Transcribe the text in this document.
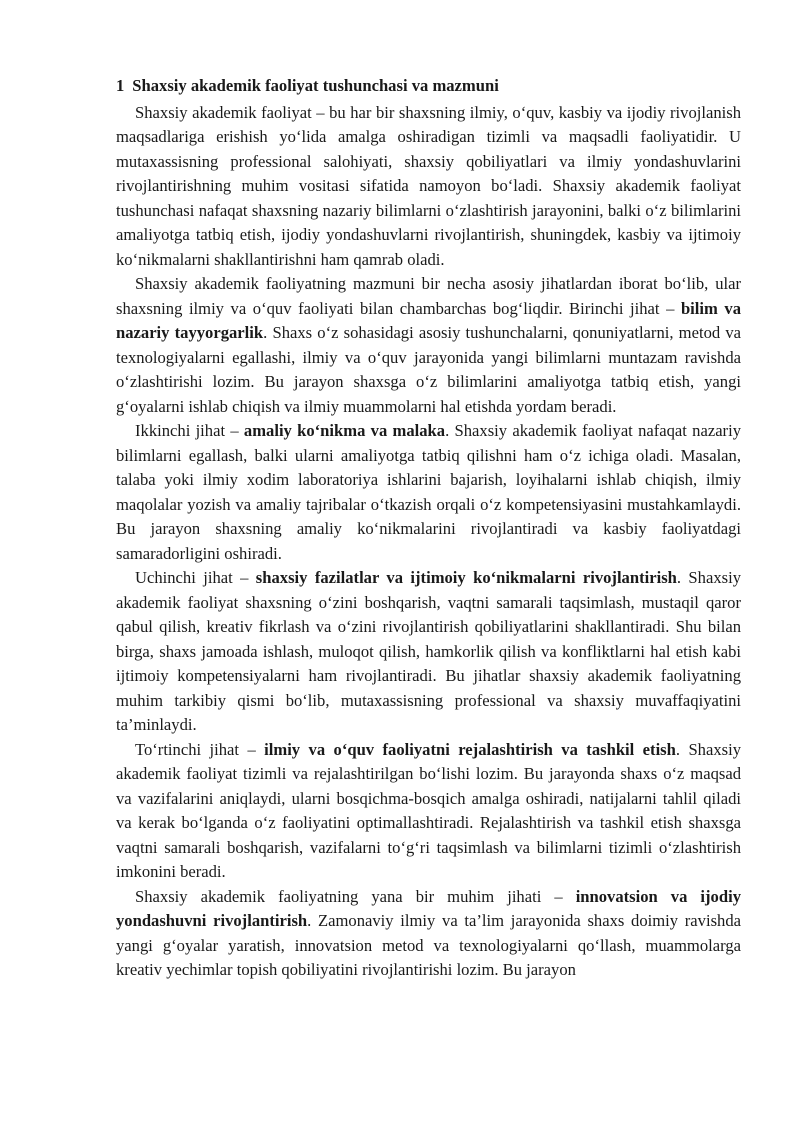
1 Shaxsiy akademik faoliyat tushunchasi va mazmuni

Shaxsiy akademik faoliyat – bu har bir shaxsning ilmiy, o‘quv, kasbiy va ijodiy rivojlanish maqsadlariga erishish yo‘lida amalga oshiradigan tizimli va maqsadli faoliyatidir. U mutaxassisning professional salohiyati, shaxsiy qobiliyatlari va ilmiy yondashuvlarini rivojlantirishning muhim vositasi sifatida namoyon bo‘ladi. Shaxsiy akademik faoliyat tushunchasi nafaqat shaxsning nazariy bilimlarni o‘zlashtirish jarayonini, balki o‘z bilimlarini amaliyotga tatbiq etish, ijodiy yondashuvlarni rivojlantirish, shuningdek, kasbiy va ijtimoiy ko‘nikmalarni shakllantirishni ham qamrab oladi.

Shaxsiy akademik faoliyatning mazmuni bir necha asosiy jihatlardan iborat bo‘lib, ular shaxsning ilmiy va o‘quv faoliyati bilan chambarchas bog‘liqdir. Birinchi jihat – bilim va nazariy tayyorgarlik. Shaxs o‘z sohasidagi asosiy tushunchalarni, qonuniyatlarni, metod va texnologiyalarni egallashi, ilmiy va o‘quv jarayonida yangi bilimlarni muntazam ravishda o‘zlashtirishi lozim. Bu jarayon shaxsga o‘z bilimlarini amaliyotga tatbiq etish, yangi g‘oyalarni ishlab chiqish va ilmiy muammolarni hal etishda yordam beradi.

Ikkinchi jihat – amaliy ko‘nikma va malaka. Shaxsiy akademik faoliyat nafaqat nazariy bilimlarni egallash, balki ularni amaliyotga tatbiq qilishni ham o‘z ichiga oladi. Masalan, talaba yoki ilmiy xodim laboratoriya ishlarini bajarish, loyihalarni ishlab chiqish, ilmiy maqolalar yozish va amaliy tajribalar o‘tkazish orqali o‘z kompetensiyasini mustahkamlaydi. Bu jarayon shaxsning amaliy ko‘nikmalarini rivojlantiradi va kasbiy faoliyatdagi samaradorligini oshiradi.

Uchinchi jihat – shaxsiy fazilatlar va ijtimoiy ko‘nikmalarni rivojlantirish. Shaxsiy akademik faoliyat shaxsning o‘zini boshqarish, vaqtni samarali taqsimlash, mustaqil qaror qabul qilish, kreativ fikrlash va o‘zini rivojlantirish qobiliyatlarini shakllantiradi. Shu bilan birga, shaxs jamoada ishlash, muloqot qilish, hamkorlik qilish va konfliktlarni hal etish kabi ijtimoiy kompetensiyalarni ham rivojlantiradi. Bu jihatlar shaxsiy akademik faoliyatning muhim tarkibiy qismi bo‘lib, mutaxassisning professional va shaxsiy muvaffaqiyatini ta’minlaydi.

To‘rtinchi jihat – ilmiy va o‘quv faoliyatni rejalashtirish va tashkil etish. Shaxsiy akademik faoliyat tizimli va rejalashtirilgan bo‘lishi lozim. Bu jarayonda shaxs o‘z maqsad va vazifalarini aniqlaydi, ularni bosqichma-bosqich amalga oshiradi, natijalarni tahlil qiladi va kerak bo‘lganda o‘z faoliyatini optimallashtiradi. Rejalashtirish va tashkil etish shaxsga vaqtni samarali boshqarish, vazifalarni to‘g‘ri taqsimlash va bilimlarni tizimli o‘zlashtirish imkonini beradi.

Shaxsiy akademik faoliyatning yana bir muhim jihati – innovatsion va ijodiy yondashuvni rivojlantirish. Zamonaviy ilmiy va ta’lim jarayonida shaxs doimiy ravishda yangi g‘oyalar yaratish, innovatsion metod va texnologiyalarni qo‘llash, muammolarga kreativ yechimlar topish qobiliyatini rivojlantirishi lozim. Bu jarayon
